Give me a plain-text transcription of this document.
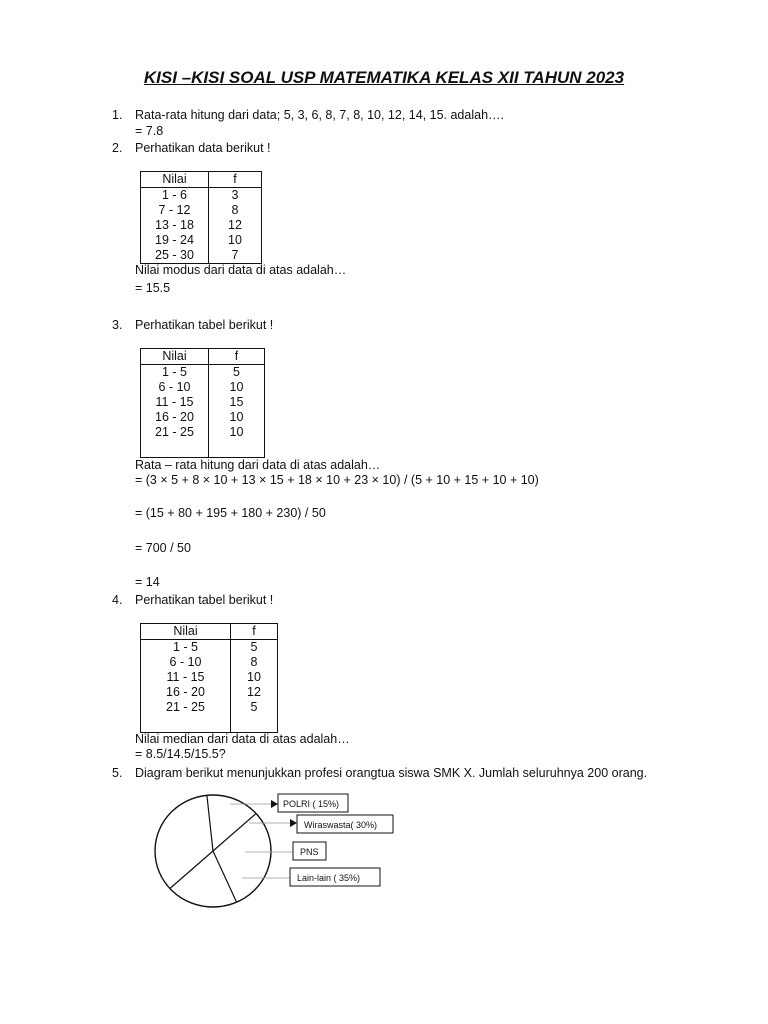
KISI –KISI SOAL USP MATEMATIKA KELAS XII TAHUN 2023
1. Rata-rata hitung dari data; 5, 3, 6, 8, 7, 8, 10, 12, 14, 15. adalah….
= 7.8
2. Perhatikan data berikut !
Nilai	f
1 - 6	3
7 - 12	8
13 - 18	12
19 - 24	10
25 - 30	7
Nilai modus dari data di atas adalah…
= 15.5
3. Perhatikan tabel berikut !
Nilai	f
1 - 5	5
6 - 10	10
11 - 15	15
16 - 20	10
21 - 25	10

Rata – rata hitung dari data di atas adalah…
= (3 × 5 + 8 × 10 + 13 × 15 + 18 × 10 + 23 × 10) / (5 + 10 + 15 + 10 + 10)
= (15 + 80 + 195 + 180 + 230) / 50
= 700 / 50
= 14
4. Perhatikan tabel berikut !
Nilai	f
1 - 5	5
6 - 10	8
11 - 15	10
16 - 20	12
21 - 25	5

Nilai median dari data di atas adalah…
= 8.5/14.5/15.5?
5. Diagram berikut menunjukkan profesi orangtua siswa SMK X. Jumlah seluruhnya 200 orang.
POLRI ( 15%)
Wiraswasta( 30%)
PNS
Lain-lain ( 35%)
